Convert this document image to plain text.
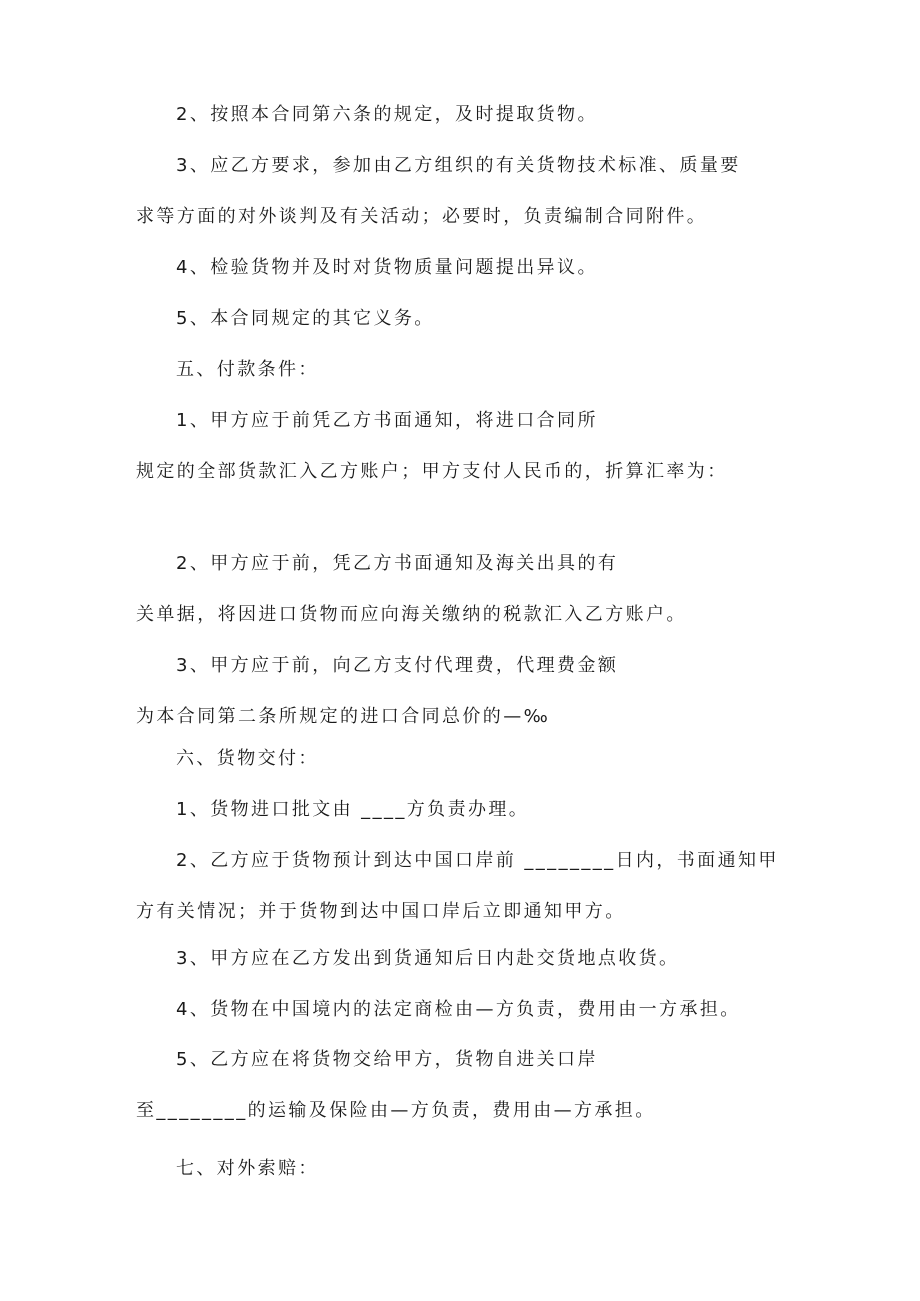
2、按照本合同第六条的规定，及时提取货物。
3、应乙方要求，参加由乙方组织的有关货物技术标准、质量要
求等方面的对外谈判及有关活动；必要时，负责编制合同附件。
4、检验货物并及时对货物质量问题提出异议。
5、本合同规定的其它义务。
五、付款条件：
1、甲方应于前凭乙方书面通知，将进口合同所
规定的全部货款汇入乙方账户；甲方支付人民币的，折算汇率为：
2、甲方应于前，凭乙方书面通知及海关出具的有
关单据，将因进口货物而应向海关缴纳的税款汇入乙方账户。
3、甲方应于前，向乙方支付代理费，代理费金额
为本合同第二条所规定的进口合同总价的—‰
六、货物交付：
1、货物进口批文由 ____方负责办理。
2、乙方应于货物预计到达中国口岸前 ________日内，书面通知甲
方有关情况；并于货物到达中国口岸后立即通知甲方。
3、甲方应在乙方发出到货通知后日内赴交货地点收货。
4、货物在中国境内的法定商检由—方负责，费用由一方承担。
5、乙方应在将货物交给甲方，货物自进关口岸
至________的运输及保险由—方负责，费用由—方承担。
七、对外索赔：
